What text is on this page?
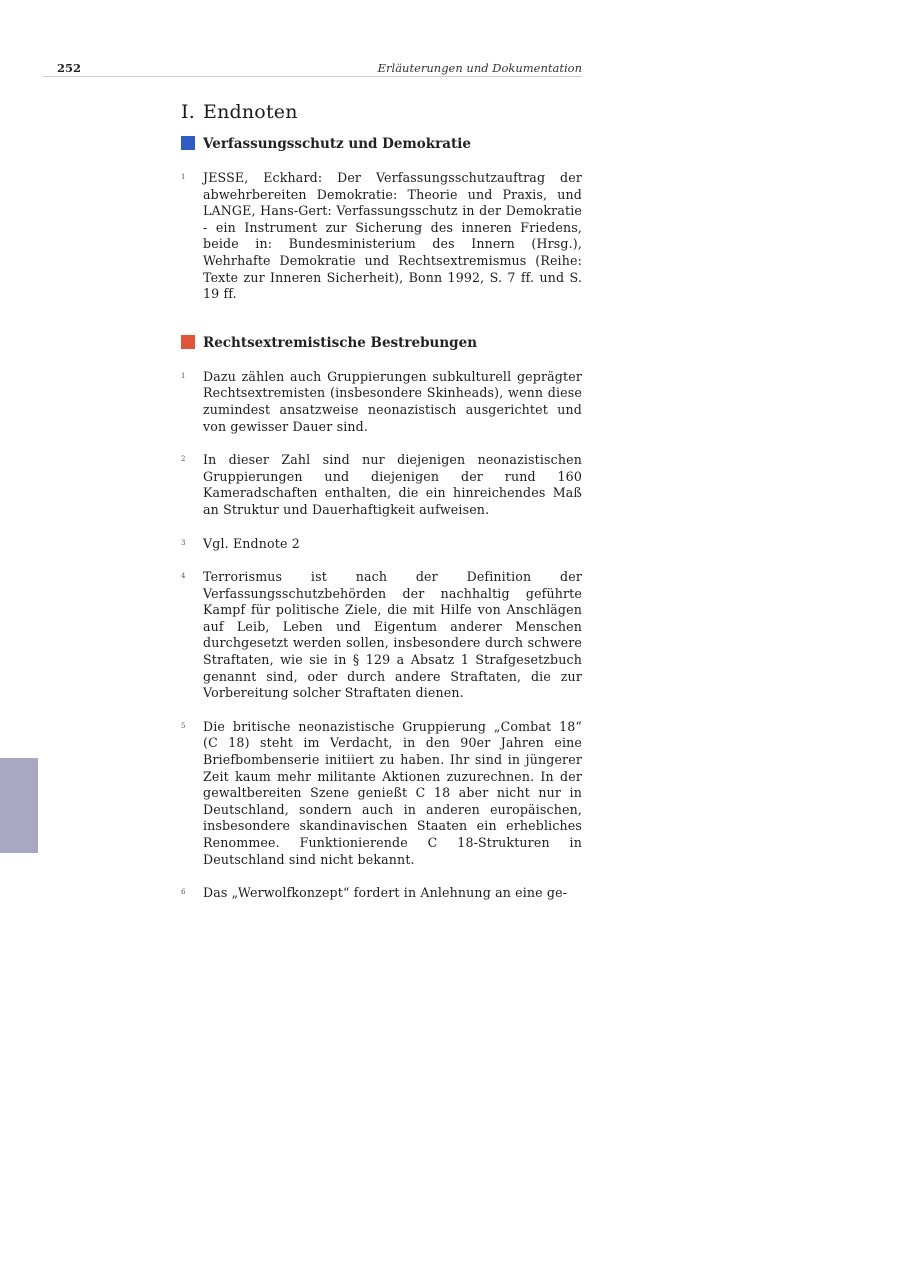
252	Erläuterungen und Dokumentation
I. Endnoten
Verfassungsschutz und Demokratie
1 JESSE, Eckhard: Der Verfassungsschutzauftrag der abwehrbereiten Demokratie: Theorie und Praxis, und LANGE, Hans-Gert: Verfassungsschutz in der Demokratie - ein Instrument zur Sicherung des inneren Friedens, beide in: Bundesministerium des Innern (Hrsg.), Wehrhafte Demokratie und Rechtsextremismus (Reihe: Texte zur Inneren Sicherheit), Bonn 1992, S. 7 ff. und S. 19 ff.
Rechtsextremistische Bestrebungen
1 Dazu zählen auch Gruppierungen subkulturell geprägter Rechtsextremisten (insbesondere Skinheads), wenn diese zumindest ansatzweise neonazistisch ausgerichtet und von gewisser Dauer sind.
2 In dieser Zahl sind nur diejenigen neonazistischen Gruppierungen und diejenigen der rund 160 Kameradschaften enthalten, die ein hinreichendes Maß an Struktur und Dauerhaftigkeit aufweisen.
3 Vgl. Endnote 2
4 Terrorismus ist nach der Definition der Verfassungsschutzbehörden der nachhaltig geführte Kampf für politische Ziele, die mit Hilfe von Anschlägen auf Leib, Leben und Eigentum anderer Menschen durchgesetzt werden sollen, insbesondere durch schwere Straftaten, wie sie in § 129 a Absatz 1 Strafgesetzbuch genannt sind, oder durch andere Straftaten, die zur Vorbereitung solcher Straftaten dienen.
5 Die britische neonazistische Gruppierung „Combat 18“ (C 18) steht im Verdacht, in den 90er Jahren eine Briefbombenserie initiiert zu haben. Ihr sind in jüngerer Zeit kaum mehr militante Aktionen zuzurechnen. In der gewaltbereiten Szene genießt C 18 aber nicht nur in Deutschland, sondern auch in anderen europäischen, insbesondere skandinavischen Staaten ein erhebliches Renommee. Funktionierende C 18-Strukturen in Deutschland sind nicht bekannt.
6 Das „Werwolfkonzept“ fordert in Anlehnung an eine ge-
